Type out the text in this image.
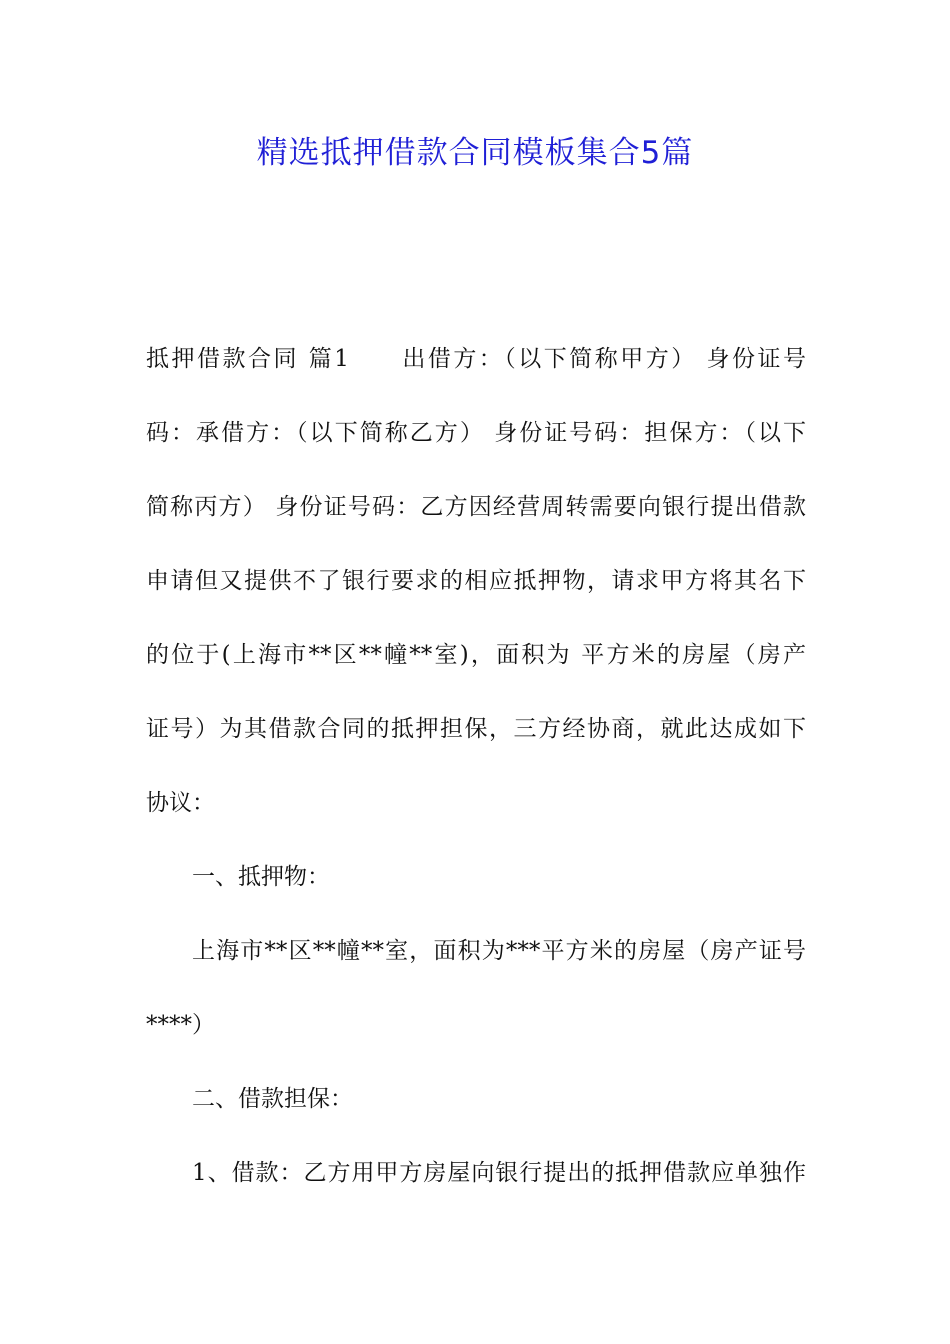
精选抵押借款合同模板集合5篇
抵押借款合同 篇1　　出借方：（以下简称甲方） 身份证号
码：承借方：（以下简称乙方） 身份证号码：担保方：（以下
简称丙方） 身份证号码：乙方因经营周转需要向银行提出借款
申请但又提供不了银行要求的相应抵押物，请求甲方将其名下
的位于(上海市**区**幢**室)，面积为 平方米的房屋（房产
证号）为其借款合同的抵押担保，三方经协商，就此达成如下
协议：
一、抵押物：
上海市**区**幢**室，面积为***平方米的房屋（房产证号
****）
二、借款担保：
1、借款：乙方用甲方房屋向银行提出的抵押借款应单独作
